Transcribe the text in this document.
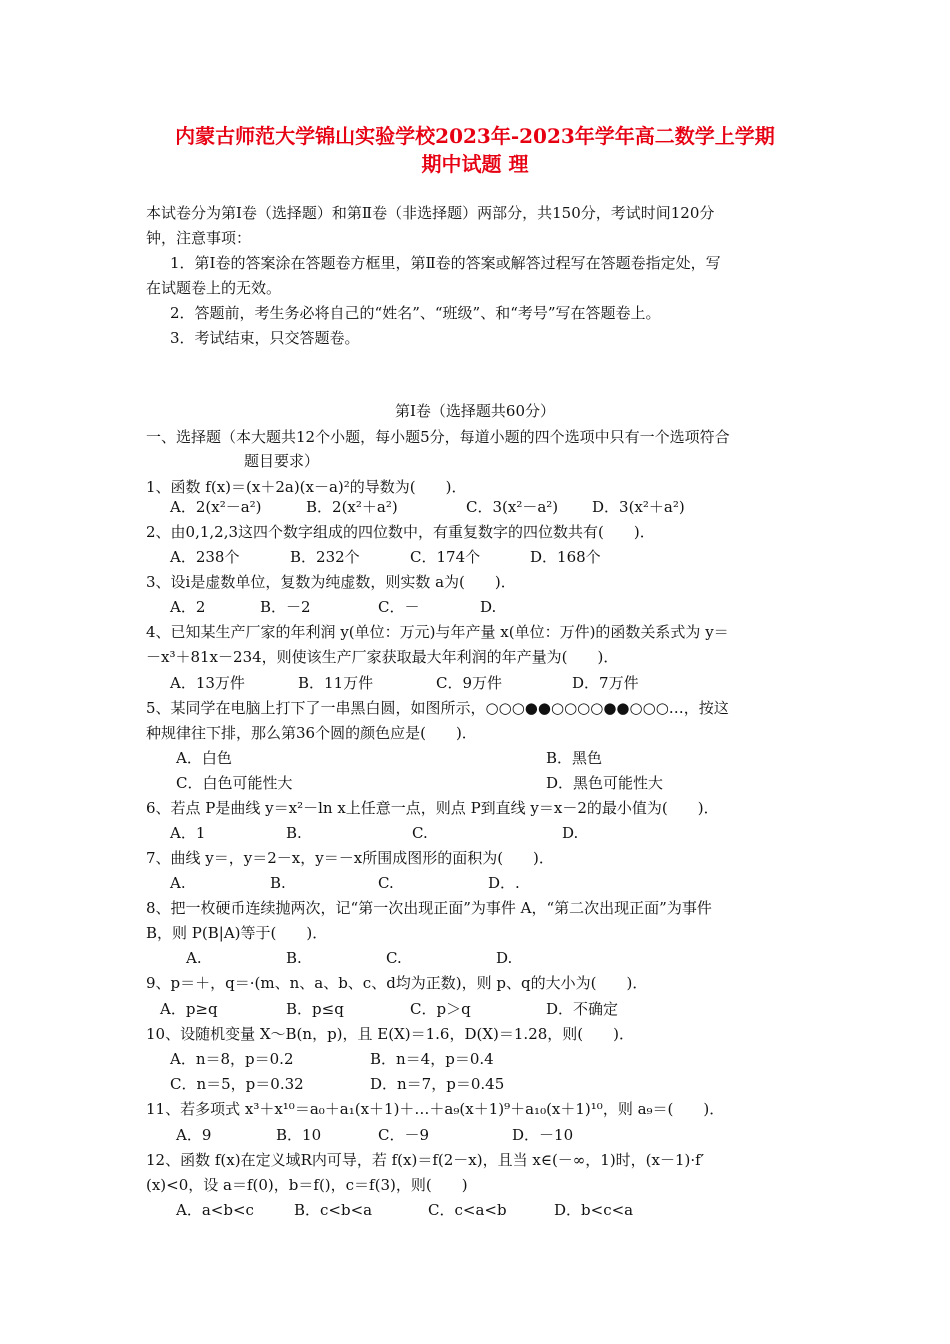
内蒙古师范大学锦山实验学校2023年-2023年学年高二数学上学期
期中试题 理
本试卷分为第Ⅰ卷（选择题）和第Ⅱ卷（非选择题）两部分，共150分，考试时间120分
钟，注意事项：
1．第Ⅰ卷的答案涂在答题卷方框里，第Ⅱ卷的答案或解答过程写在答题卷指定处，写
在试题卷上的无效。
2．答题前，考生务必将自己的“姓名”、“班级”、和“考号”写在答题卷上。
3．考试结束，只交答题卷。
第Ⅰ卷（选择题共60分）
一、选择题（本大题共12个小题，每小题5分，每道小题的四个选项中只有一个选项符合
题目要求）
1、函数 f(x)＝(x＋2a)(x－a)²的导数为(　　)．
A．2(x²－a²)	B．2(x²＋a²)	C．3(x²－a²) D．3(x²＋a²)
2、由0,1,2,3这四个数字组成的四位数中，有重复数字的四位数共有(　　)．
A．238个	B．232个	C．174个	D．168个
3、设i是虚数单位，复数为纯虚数，则实数 a为(　　)．
A．2	B．－2	C．－	D.
4、已知某生产厂家的年利润 y(单位：万元)与年产量 x(单位：万件)的函数关系式为 y＝
－x³＋81x－234，则使该生产厂家获取最大年利润的年产量为(　　)．
A．13万件	B．11万件	C．9万件	D．7万件
5、某同学在电脑上打下了一串黑白圆，如图所示，○○○●●○○○○●●○○○…，按这
种规律往下排，那么第36个圆的颜色应是(　　)．
A．白色	B．黑色
C．白色可能性大	D．黑色可能性大
6、若点 P是曲线 y＝x²－ln x上任意一点，则点 P到直线 y＝x－2的最小值为(　　)．
A．1	B.	C.	D.
7、曲线 y＝，y＝2－x，y＝－x所围成图形的面积为(　　)．
A.	B.	C.	D．.
8、把一枚硬币连续抛两次，记“第一次出现正面”为事件 A，“第二次出现正面”为事件
B，则 P(B|A)等于(　　)．
A.	B.	C.	D.
9、p＝＋，q＝·(m、n、a、b、c、d均为正数)，则 p、q的大小为(　　)．
A．p≥q	B．p≤q	C．p＞q	D．不确定
10、设随机变量 X～B(n，p)，且 E(X)＝1.6，D(X)＝1.28，则(　　)．
A．n＝8，p＝0.2	B．n＝4，p＝0.4
C．n＝5，p＝0.32	D．n＝7，p＝0.45
11、若多项式 x³＋x¹⁰＝a₀＋a₁(x＋1)＋…＋a₉(x＋1)⁹＋a₁₀(x＋1)¹⁰，则 a₉＝(　　)．
A．9	B．10	C．－9	D．－10
12、函数 f(x)在定义域R内可导，若 f(x)＝f(2－x)，且当 x∈(－∞，1)时，(x－1)·f′
(x)<0，设 a＝f(0)，b＝f()，c＝f(3)，则(　　)
A．a<b<c	B．c<b<a	C．c<a<b	D．b<c<a
